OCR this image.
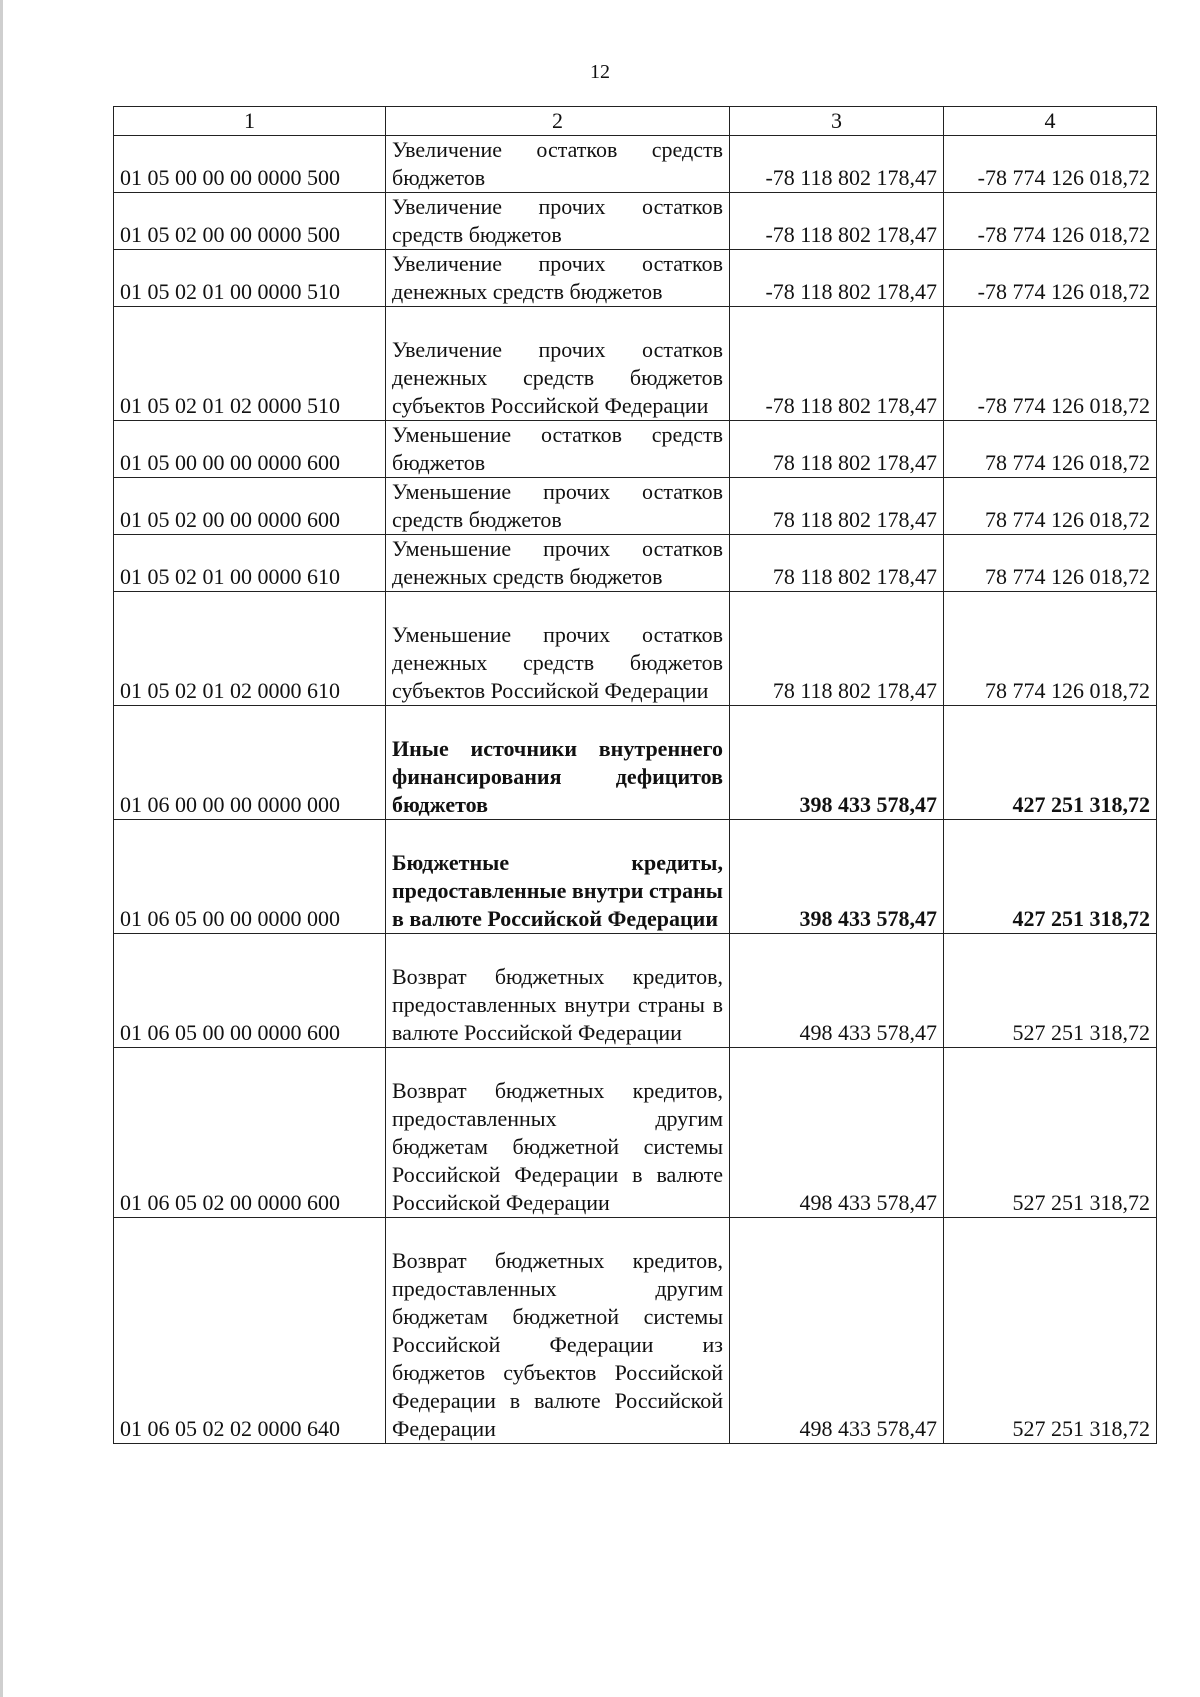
12
1	2	3	4
01 05 00 00 00 0000 500	Увеличение остатков средств бюджетов	-78 118 802 178,47	-78 774 126 018,72
01 05 02 00 00 0000 500	Увеличение прочих остатков средств бюджетов	-78 118 802 178,47	-78 774 126 018,72
01 05 02 01 00 0000 510	Увеличение прочих остатков денежных средств бюджетов	-78 118 802 178,47	-78 774 126 018,72
01 05 02 01 02 0000 510	Увеличение прочих остатков денежных средств бюджетов субъектов Российской Федерации	-78 118 802 178,47	-78 774 126 018,72
01 05 00 00 00 0000 600	Уменьшение остатков средств бюджетов	78 118 802 178,47	78 774 126 018,72
01 05 02 00 00 0000 600	Уменьшение прочих остатков средств бюджетов	78 118 802 178,47	78 774 126 018,72
01 05 02 01 00 0000 610	Уменьшение прочих остатков денежных средств бюджетов	78 118 802 178,47	78 774 126 018,72
01 05 02 01 02 0000 610	Уменьшение прочих остатков денежных средств бюджетов субъектов Российской Федерации	78 118 802 178,47	78 774 126 018,72
01 06 00 00 00 0000 000	Иные источники внутреннего финансирования дефицитов бюджетов	398 433 578,47	427 251 318,72
01 06 05 00 00 0000 000	Бюджетные кредиты, предоставленные внутри страны в валюте Российской Федерации	398 433 578,47	427 251 318,72
01 06 05 00 00 0000 600	Возврат бюджетных кредитов, предоставленных внутри страны в валюте Российской Федерации	498 433 578,47	527 251 318,72
01 06 05 02 00 0000 600	Возврат бюджетных кредитов, предоставленных другим бюджетам бюджетной системы Российской Федерации в валюте Российской Федерации	498 433 578,47	527 251 318,72
01 06 05 02 02 0000 640	Возврат бюджетных кредитов, предоставленных другим бюджетам бюджетной системы Российской Федерации из бюджетов субъектов Российской Федерации в валюте Российской Федерации	498 433 578,47	527 251 318,72
